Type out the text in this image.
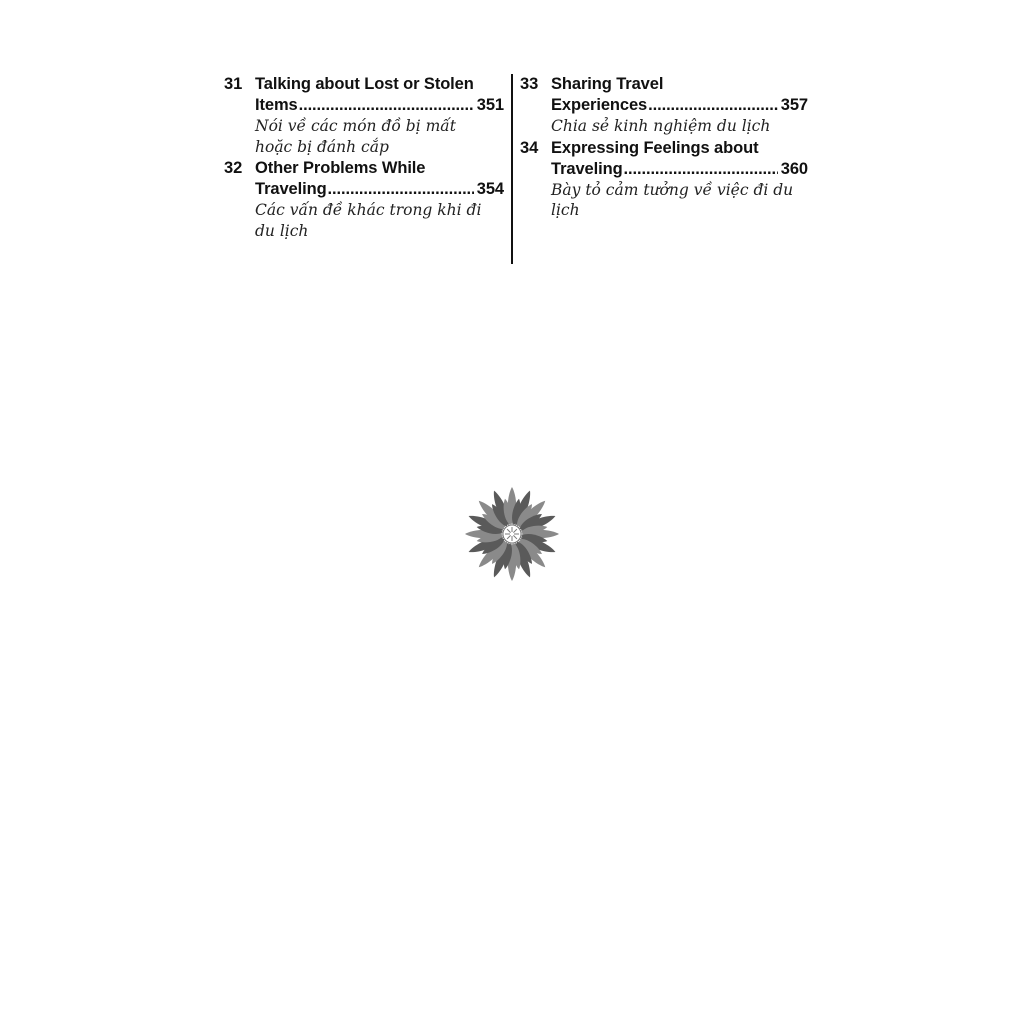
31 Talking about Lost or Stolen
Items .....	351
Nói về các món đồ bị mất
hoặc bị đánh cắp
32 Other Problems While
Traveling .....	354
Các vấn đề khác trong khi đi
du lịch
33 Sharing Travel
Experiences .....	357
Chia sẻ kinh nghiệm du lịch
34 Expressing Feelings about
Traveling .....	360
Bày tỏ cảm tưởng về việc đi du
lịch
